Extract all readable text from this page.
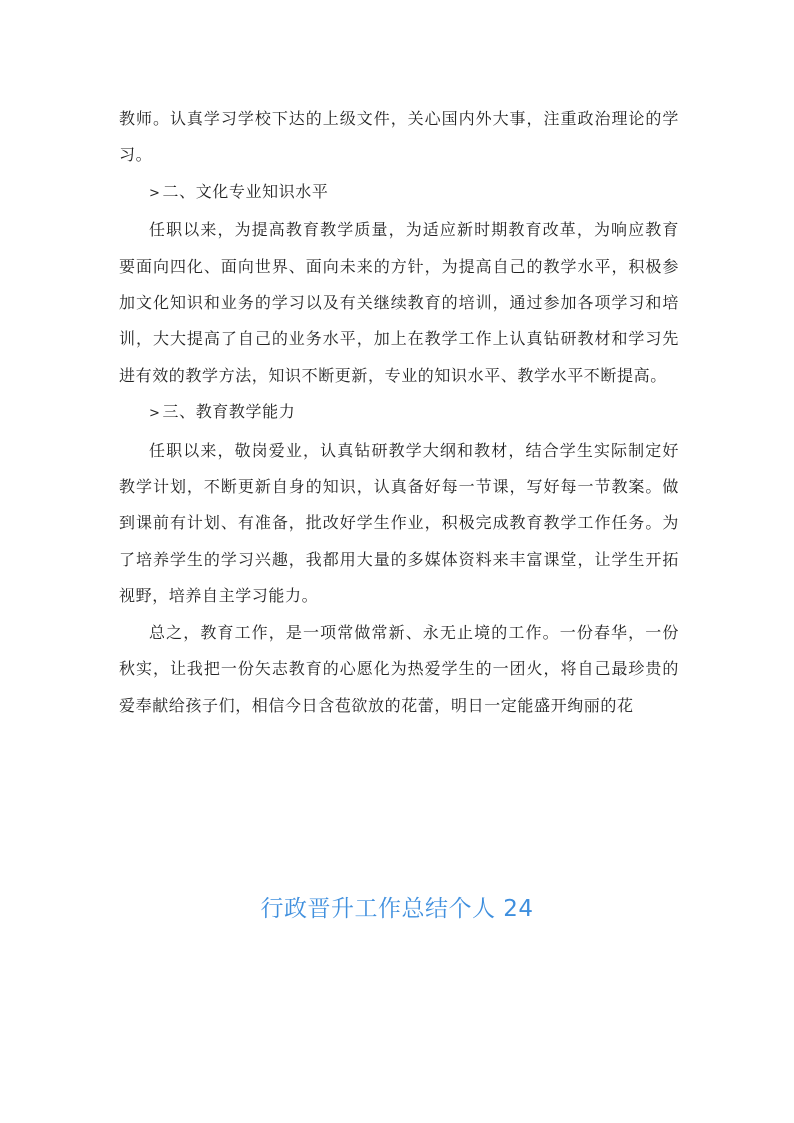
教师。认真学习学校下达的上级文件，关心国内外大事，注重政治理论的学习。

> 二、文化专业知识水平

任职以来，为提高教育教学质量，为适应新时期教育改革，为响应教育要面向四化、面向世界、面向未来的方针，为提高自己的教学水平，积极参加文化知识和业务的学习以及有关继续教育的培训，通过参加各项学习和培训，大大提高了自己的业务水平，加上在教学工作上认真钻研教材和学习先进有效的教学方法，知识不断更新，专业的知识水平、教学水平不断提高。

> 三、教育教学能力

任职以来，敬岗爱业，认真钻研教学大纲和教材，结合学生实际制定好教学计划，不断更新自身的知识，认真备好每一节课，写好每一节教案。做到课前有计划、有准备，批改好学生作业，积极完成教育教学工作任务。为了培养学生的学习兴趣，我都用大量的多媒体资料来丰富课堂，让学生开拓视野，培养自主学习能力。

总之，教育工作，是一项常做常新、永无止境的工作。一份春华，一份秋实，让我把一份矢志教育的心愿化为热爱学生的一团火，将自己最珍贵的爱奉献给孩子们，相信今日含苞欲放的花蕾，明日一定能盛开绚丽的花

行政晋升工作总结个人 24
